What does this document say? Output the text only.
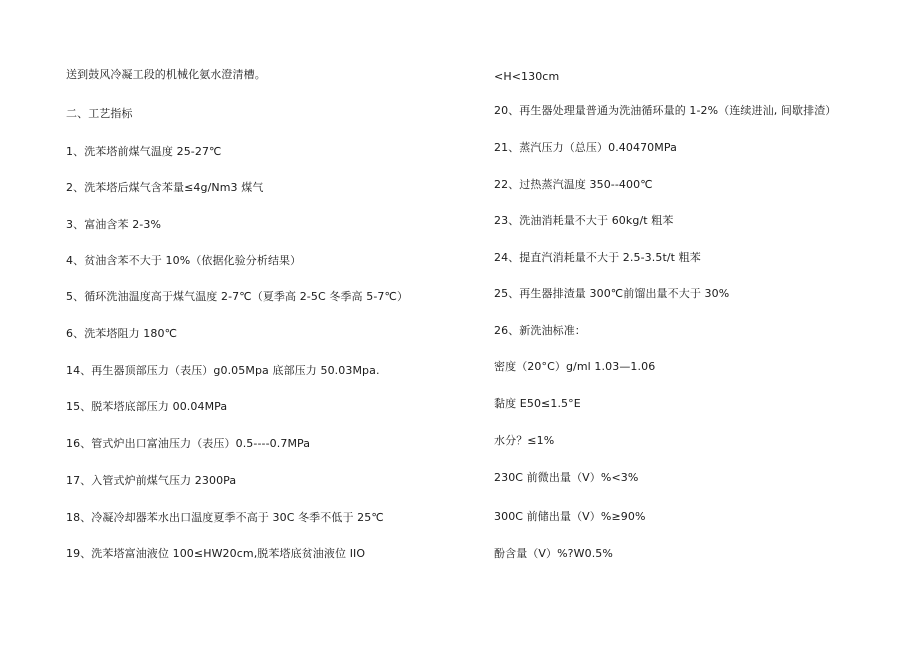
送到鼓风冷凝工段的机械化氨水澄清槽。
二、工艺指标
1、洗苯塔前煤气温度 25-27℃
2、洗苯塔后煤气含苯量≤4g/Nm3 煤气
3、富油含苯 2-3%
4、贫油含苯不大于 10%（依据化验分析结果）
5、循环洗油温度高于煤气温度 2-7℃（夏季高 2-5C 冬季高 5-7℃）
6、洗苯塔阻力 180℃
14、再生器顶部压力（表压）g0.05Mpa 底部压力 50.03Mpa.
15、脱苯塔底部压力 00.04MPa
16、管式炉出口富油压力（表压）0.5----0.7MPa
17、入管式炉前煤气压力 2300Pa
18、冷凝冷却器苯水出口温度夏季不高于 30C 冬季不低于 25℃
19、洗苯塔富油液位 100≤HW20cm,脱苯塔底贫油液位 IIO
<H<130cm
20、再生器处理量普通为洗油循环量的 1-2%（连续进汕, 间歇排渣）
21、蒸汽压力（总压）0.40470MPa
22、过热蒸汽温度 350--400℃
23、洗油消耗量不大于 60kg/t 粗苯
24、提直汽消耗量不大于 2.5-3.5t/t 粗苯
25、再生器排渣量 300℃前馏出量不大于 30%
26、新洗油标准：
密度（20°C）g/ml 1.03—1.06
黏度 E50≤1.5°E
水分？≤1%
230C 前微出量（V）%<3%
300C 前储出量（V）%≥90%
酚含量（V）%?W0.5%
